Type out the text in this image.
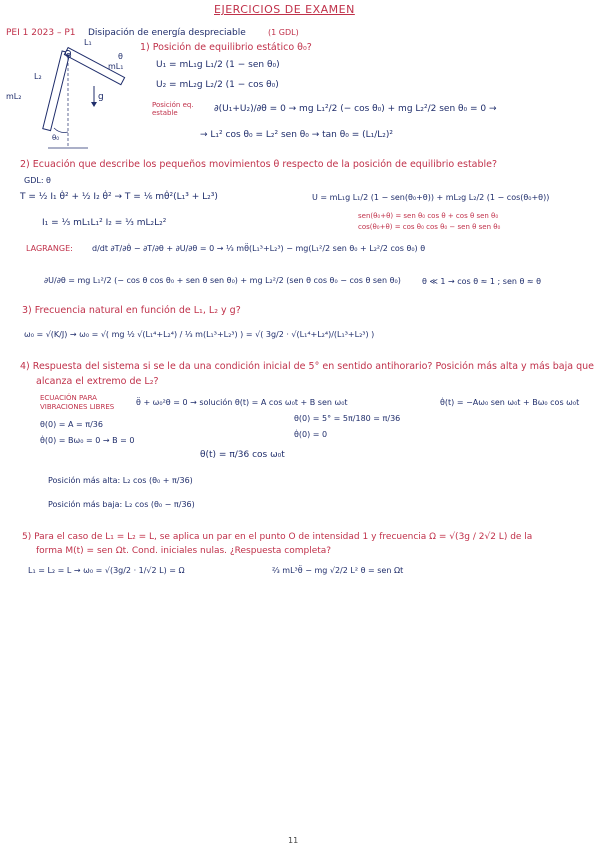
EJERCICIOS DE EXAMEN
PEI 1 2023 – P1 Disipación de energía despreciable	(1 GDL)
L₁
O
mL₁
θ
L₂
mL₂	g
θ₀
1) Posición de equilibrio estático θ₀?
U₁ = mL₁g L₁/2 (1 − sen θ₀)
U₂ = mL₂g L₂/2 (1 − cos θ₀)
Posición eq. estable	∂(U₁+U₂)/∂θ = 0 → mg L₁²/2 (− cos θ₀) + mg L₂²/2 sen θ₀ = 0 →
→ L₁² cos θ₀ = L₂² sen θ₀ → tan θ₀ = (L₁/L₂)²
2) Ecuación que describe los pequeños movimientos θ respecto de la posición de equilibrio estable?
GDL: θ
T = ½ I₁ θ̇² + ½ I₂ θ̇² → T = ⅙ mθ̇²(L₁³ + L₂³)	U = mL₁g L₁/2 (1 − sen(θ₀+θ)) + mL₂g L₂/2 (1 − cos(θ₀+θ))
I₁ = ⅓ mL₁L₁² I₂ = ⅓ mL₂L₂²
sen(θ₀+θ) = sen θ₀ cos θ + cos θ sen θ₀
cos(θ₀+θ) = cos θ₀ cos θ₀ − sen θ sen θ₀
LAGRANGE: d/dt ∂T/∂θ̇ − ∂T/∂θ + ∂U/∂θ = 0 → ⅓ mθ̈(L₁³+L₂³) − mg(L₁²/2 sen θ₀ + L₂²/2 cos θ₀) θ
∂U/∂θ = mg L₁²/2 (− cos θ cos θ₀ + sen θ sen θ₀) + mg L₂²/2 (sen θ cos θ₀ − cos θ sen θ₀)	θ ≪ 1 → cos θ ≈ 1 ; sen θ ≈ θ
3) Frecuencia natural en función de L₁, L₂ y g?
ω₀ = √(K/J) → ω₀ = √( mg ½ √(L₁⁴+L₂⁴) / ⅓ m(L₁³+L₂³) ) = √( 3g/2 · √(L₁⁴+L₂⁴)/(L₁³+L₂³) )
4) Respuesta del sistema si se le da una condición inicial de 5° en sentido antihorario? Posición más alta y más baja que
alcanza el extremo de L₂?
ECUACIÓN PARA
VIBRACIONES LIBRES	θ̈ + ω₀²θ = 0 → solución θ(t) = A cos ω₀t + B sen ω₀t	θ̇(t) = −Aω₀ sen ω₀t + Bω₀ cos ω₀t
θ(0) = 5° = 5π/180 = π/36
θ̇(0) = 0
θ(0) = A = π/36
θ̇(0) = Bω₀ = 0 → B = 0
θ(t) = π/36 cos ω₀t
Posición más alta: L₂ cos (θ₀ + π/36)
Posición más baja: L₂ cos (θ₀ − π/36)
5) Para el caso de L₁ = L₂ = L, se aplica un par en el punto O de intensidad 1 y frecuencia Ω = √(3g / 2√2 L) de la
forma M(t) = sen Ωt. Cond. iniciales nulas. ¿Respuesta completa?
L₁ = L₂ = L → ω₀ = √(3g/2 · 1/√2 L) = Ω	⅔ mL³θ̈ − mg √2/2 L² θ = sen Ωt
11
